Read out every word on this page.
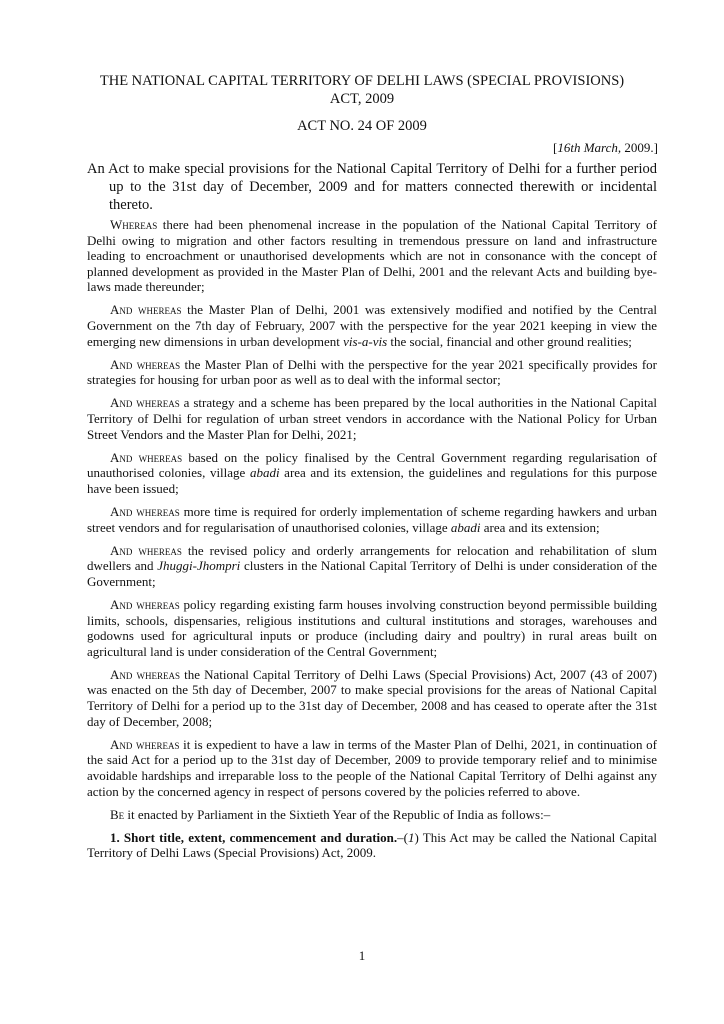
THE NATIONAL CAPITAL TERRITORY OF DELHI LAWS (SPECIAL PROVISIONS)
ACT, 2009
ACT NO. 24 OF 2009
[16th March, 2009.]
An Act to make special provisions for the National Capital Territory of Delhi for a further period up to the 31st day of December, 2009 and for matters connected therewith or incidental thereto.

Whereas there had been phenomenal increase in the population of the National Capital Territory of Delhi owing to migration and other factors resulting in tremendous pressure on land and infrastructure leading to encroachment or unauthorised developments which are not in consonance with the concept of planned development as provided in the Master Plan of Delhi, 2001 and the relevant Acts and building bye-laws made thereunder;

And whereas the Master Plan of Delhi, 2001 was extensively modified and notified by the Central Government on the 7th day of February, 2007 with the perspective for the year 2021 keeping in view the emerging new dimensions in urban development vis-a-vis the social, financial and other ground realities;

And whereas the Master Plan of Delhi with the perspective for the year 2021 specifically provides for strategies for housing for urban poor as well as to deal with the informal sector;

And whereas a strategy and a scheme has been prepared by the local authorities in the National Capital Territory of Delhi for regulation of urban street vendors in accordance with the National Policy for Urban Street Vendors and the Master Plan for Delhi, 2021;

And whereas based on the policy finalised by the Central Government regarding regularisation of unauthorised colonies, village abadi area and its extension, the guidelines and regulations for this purpose have been issued;

And whereas more time is required for orderly implementation of scheme regarding hawkers and urban street vendors and for regularisation of unauthorised colonies, village abadi area and its extension;

And whereas the revised policy and orderly arrangements for relocation and rehabilitation of slum dwellers and Jhuggi-Jhompri clusters in the National Capital Territory of Delhi is under consideration of the Government;

And whereas policy regarding existing farm houses involving construction beyond permissible building limits, schools, dispensaries, religious institutions and cultural institutions and storages, warehouses and godowns used for agricultural inputs or produce (including dairy and poultry) in rural areas built on agricultural land is under consideration of the Central Government;

And whereas the National Capital Territory of Delhi Laws (Special Provisions) Act, 2007 (43 of 2007) was enacted on the 5th day of December, 2007 to make special provisions for the areas of National Capital Territory of Delhi for a period up to the 31st day of December, 2008 and has ceased to operate after the 31st day of December, 2008;

And whereas it is expedient to have a law in terms of the Master Plan of Delhi, 2021, in continuation of the said Act for a period up to the 31st day of December, 2009 to provide temporary relief and to minimise avoidable hardships and irreparable loss to the people of the National Capital Territory of Delhi against any action by the concerned agency in respect of persons covered by the policies referred to above.

Be it enacted by Parliament in the Sixtieth Year of the Republic of India as follows:–

1. Short title, extent, commencement and duration.–(1) This Act may be called the National Capital Territory of Delhi Laws (Special Provisions) Act, 2009.

1
